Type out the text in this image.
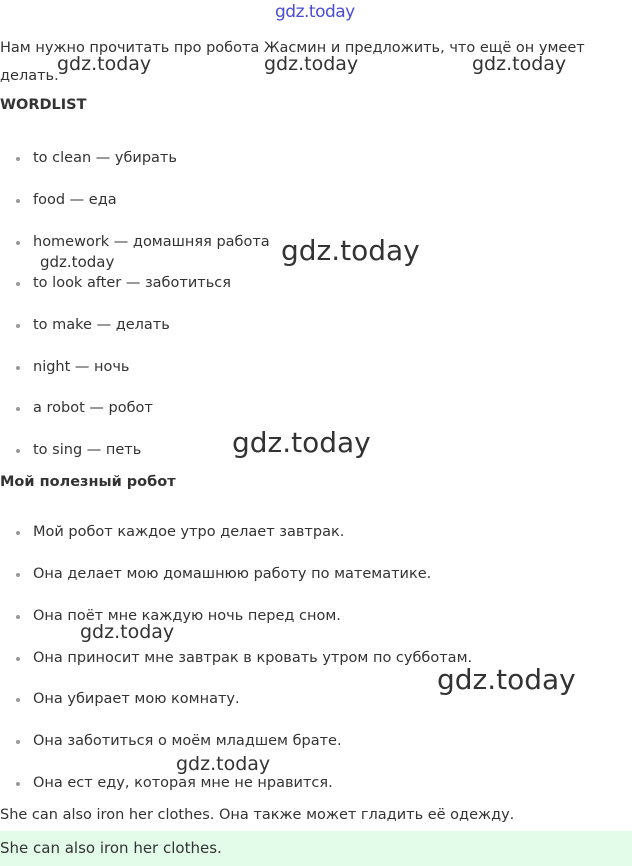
gdz.today
Нам нужно прочитать про робота Жасмин и предложить, что ещё он умеет делать.
WORDLIST
to clean — убирать
food — еда
homework — домашняя работа
to look after — заботиться
to make — делать
night — ночь
a robot — робот
to sing — петь
Мой полезный робот
Мой робот каждое утро делает завтрак.
Она делает мою домашнюю работу по математике.
Она поёт мне каждую ночь перед сном.
Она приносит мне завтрак в кровать утром по субботам.
Она убирает мою комнату.
Она заботиться о моём младшем брате.
Она ест еду, которая мне не нравится.
She can also iron her clothes. Она также может гладить её одежду.
She can also iron her clothes.
gdz.today	gdz.today	gdz.today
gdz.today
gdz.today
gdz.today
gdz.today
gdz.today
gdz.today
